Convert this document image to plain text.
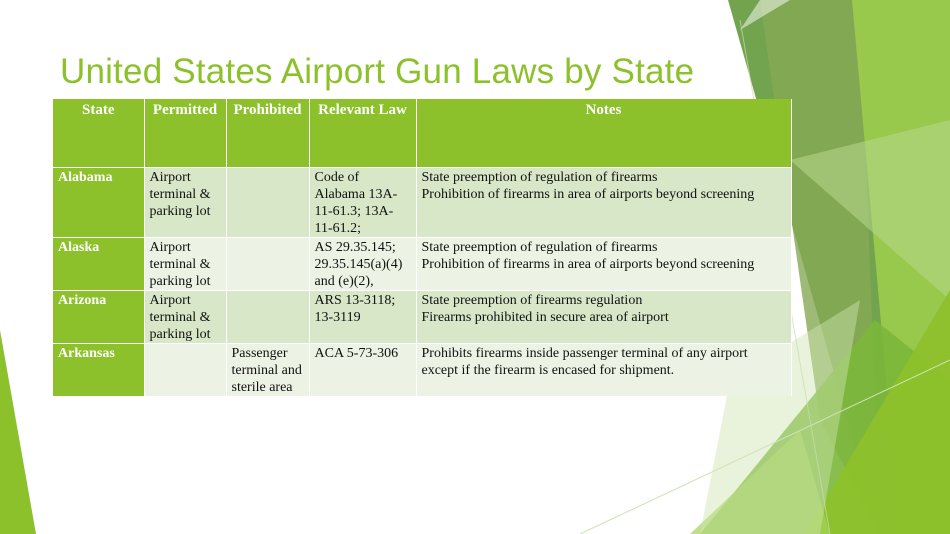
United States Airport Gun Laws by State
State	Permitted	Prohibited	Relevant Law	Notes
Alabama	Airport terminal & parking lot		Code of Alabama 13A-11-61.3; 13A-11-61.2;	State preemption of regulation of firearms
Prohibition of firearms in area of airports beyond screening

Alaska	Airport terminal & parking lot		AS 29.35.145; 29.35.145(a)(4) and (e)(2),	State preemption of regulation of firearms
Prohibition of firearms in area of airports beyond screening

Arizona	Airport terminal & parking lot		ARS 13-3118; 13-3119	State preemption of firearms regulation
Firearms prohibited in secure area of airport

Arkansas		Passenger terminal and sterile area	ACA 5-73-306	Prohibits firearms inside passenger terminal of any airport except if the firearm is encased for shipment.
